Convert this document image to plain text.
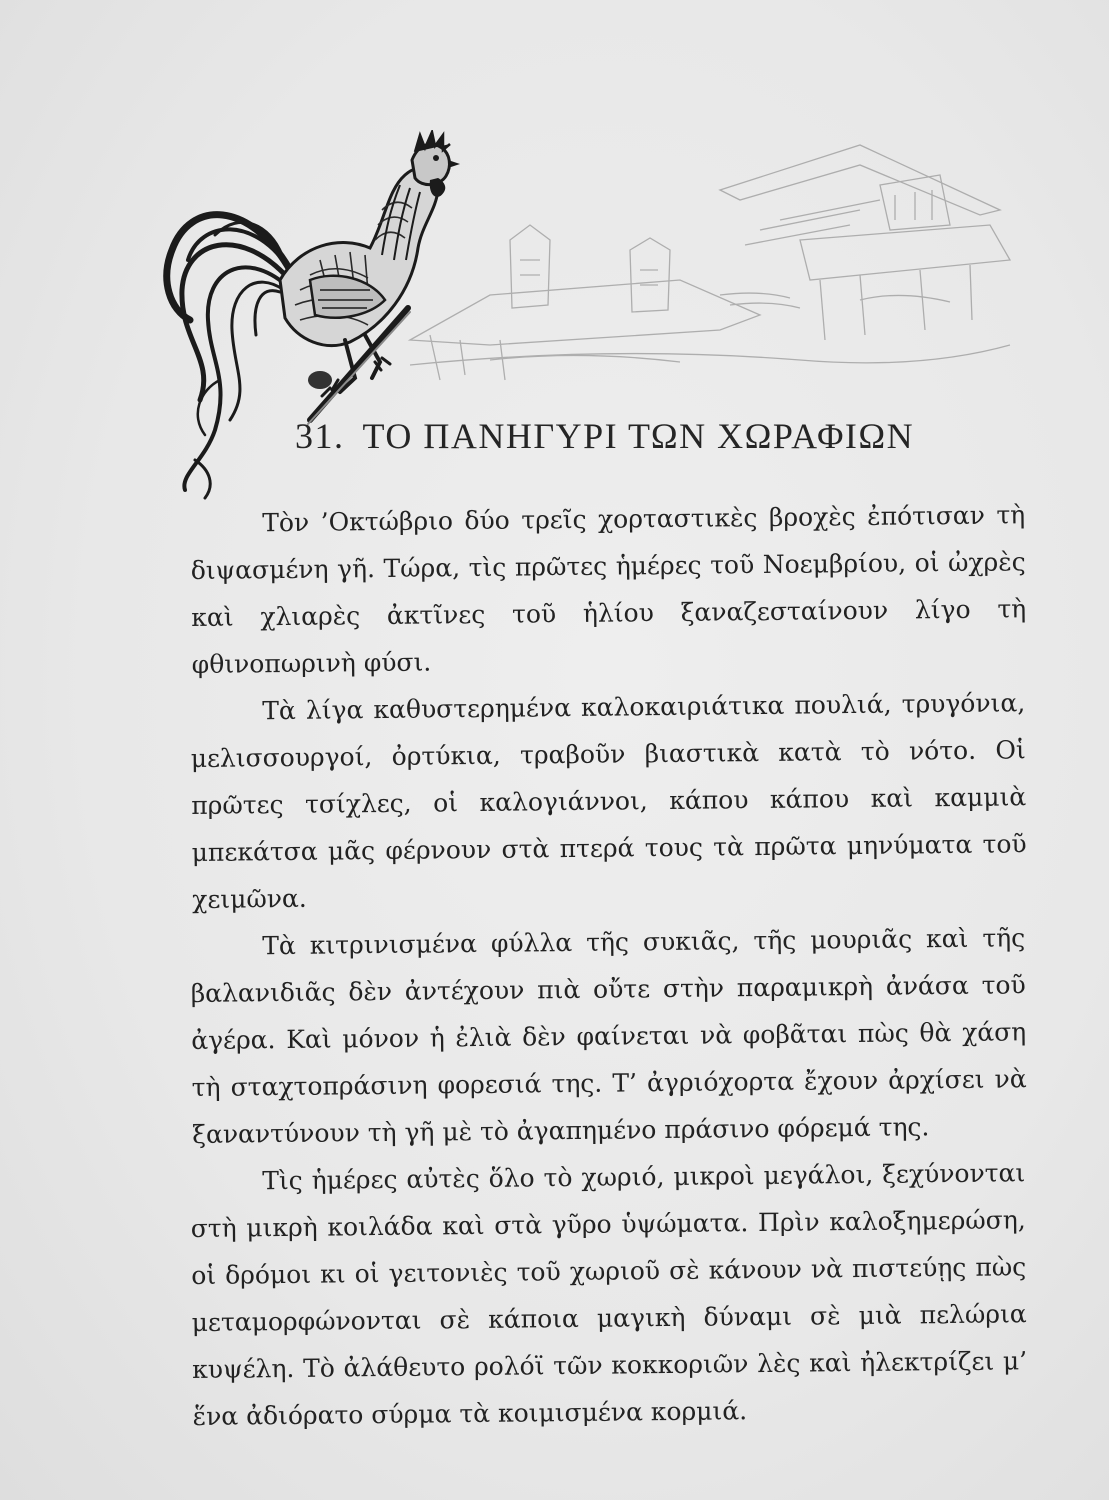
31. ΤΟ ΠΑΝΗΓΥΡΙ ΤΩΝ ΧΩΡΑΦΙΩΝ

Τὸν ’Οκτώβριο δύο τρεῖς χορταστικὲς βροχὲς ἐπότισαν τὴ διψασμένη γῆ. Τώρα, τὶς πρῶτες ἡμέρες τοῦ Νοεμβρίου, οἱ ὠχρὲς καὶ χλιαρὲς ἀκτῖνες τοῦ ἡλίου ξαναζεσταίνουν λίγο τὴ φθινοπωρινὴ φύσι.

Τὰ λίγα καθυστερημένα καλοκαιριάτικα πουλιά, τρυγόνια, μελισσουργοί, ὀρτύκια, τραβοῦν βιαστικὰ κατὰ τὸ νότο. Οἱ πρῶτες τσίχλες, οἱ καλογιάννοι, κάπου κάπου καὶ καμμιὰ μπεκάτσα μᾶς φέρνουν στὰ πτερά τους τὰ πρῶτα μηνύματα τοῦ χειμῶνα.

Τὰ κιτρινισμένα φύλλα τῆς συκιᾶς, τῆς μουριᾶς καὶ τῆς βαλανιδιᾶς δὲν ἀντέχουν πιὰ οὔτε στὴν παραμικρὴ ἀνάσα τοῦ ἀγέρα. Καὶ μόνον ἡ ἐλιὰ δὲν φαίνεται νὰ φοβᾶται πὼς θὰ χάση τὴ σταχτοπράσινη φορεσιά της. Τ’ ἀγριόχορτα ἔχουν ἀρχίσει νὰ ξαναντύνουν τὴ γῆ μὲ τὸ ἀγαπημένο πράσινο φόρεμά της.

Τὶς ἡμέρες αὐτὲς ὅλο τὸ χωριό, μικροὶ μεγάλοι, ξεχύνονται στὴ μικρὴ κοιλάδα καὶ στὰ γῦρο ὑψώματα. Πρὶν καλοξημερώση, οἱ δρόμοι κι οἱ γειτονιὲς τοῦ χωριοῦ σὲ κάνουν νὰ πιστεύῃς πὼς μεταμορφώνονται σὲ κάποια μαγικὴ δύναμι σὲ μιὰ πελώρια κυψέλη. Τὸ ἀλάθευτο ρολόϊ τῶν κοκκοριῶν λὲς καὶ ἠλεκτρίζει μ’ ἕνα ἀδιόρατο σύρμα τὰ κοιμισμένα κορμιά.
